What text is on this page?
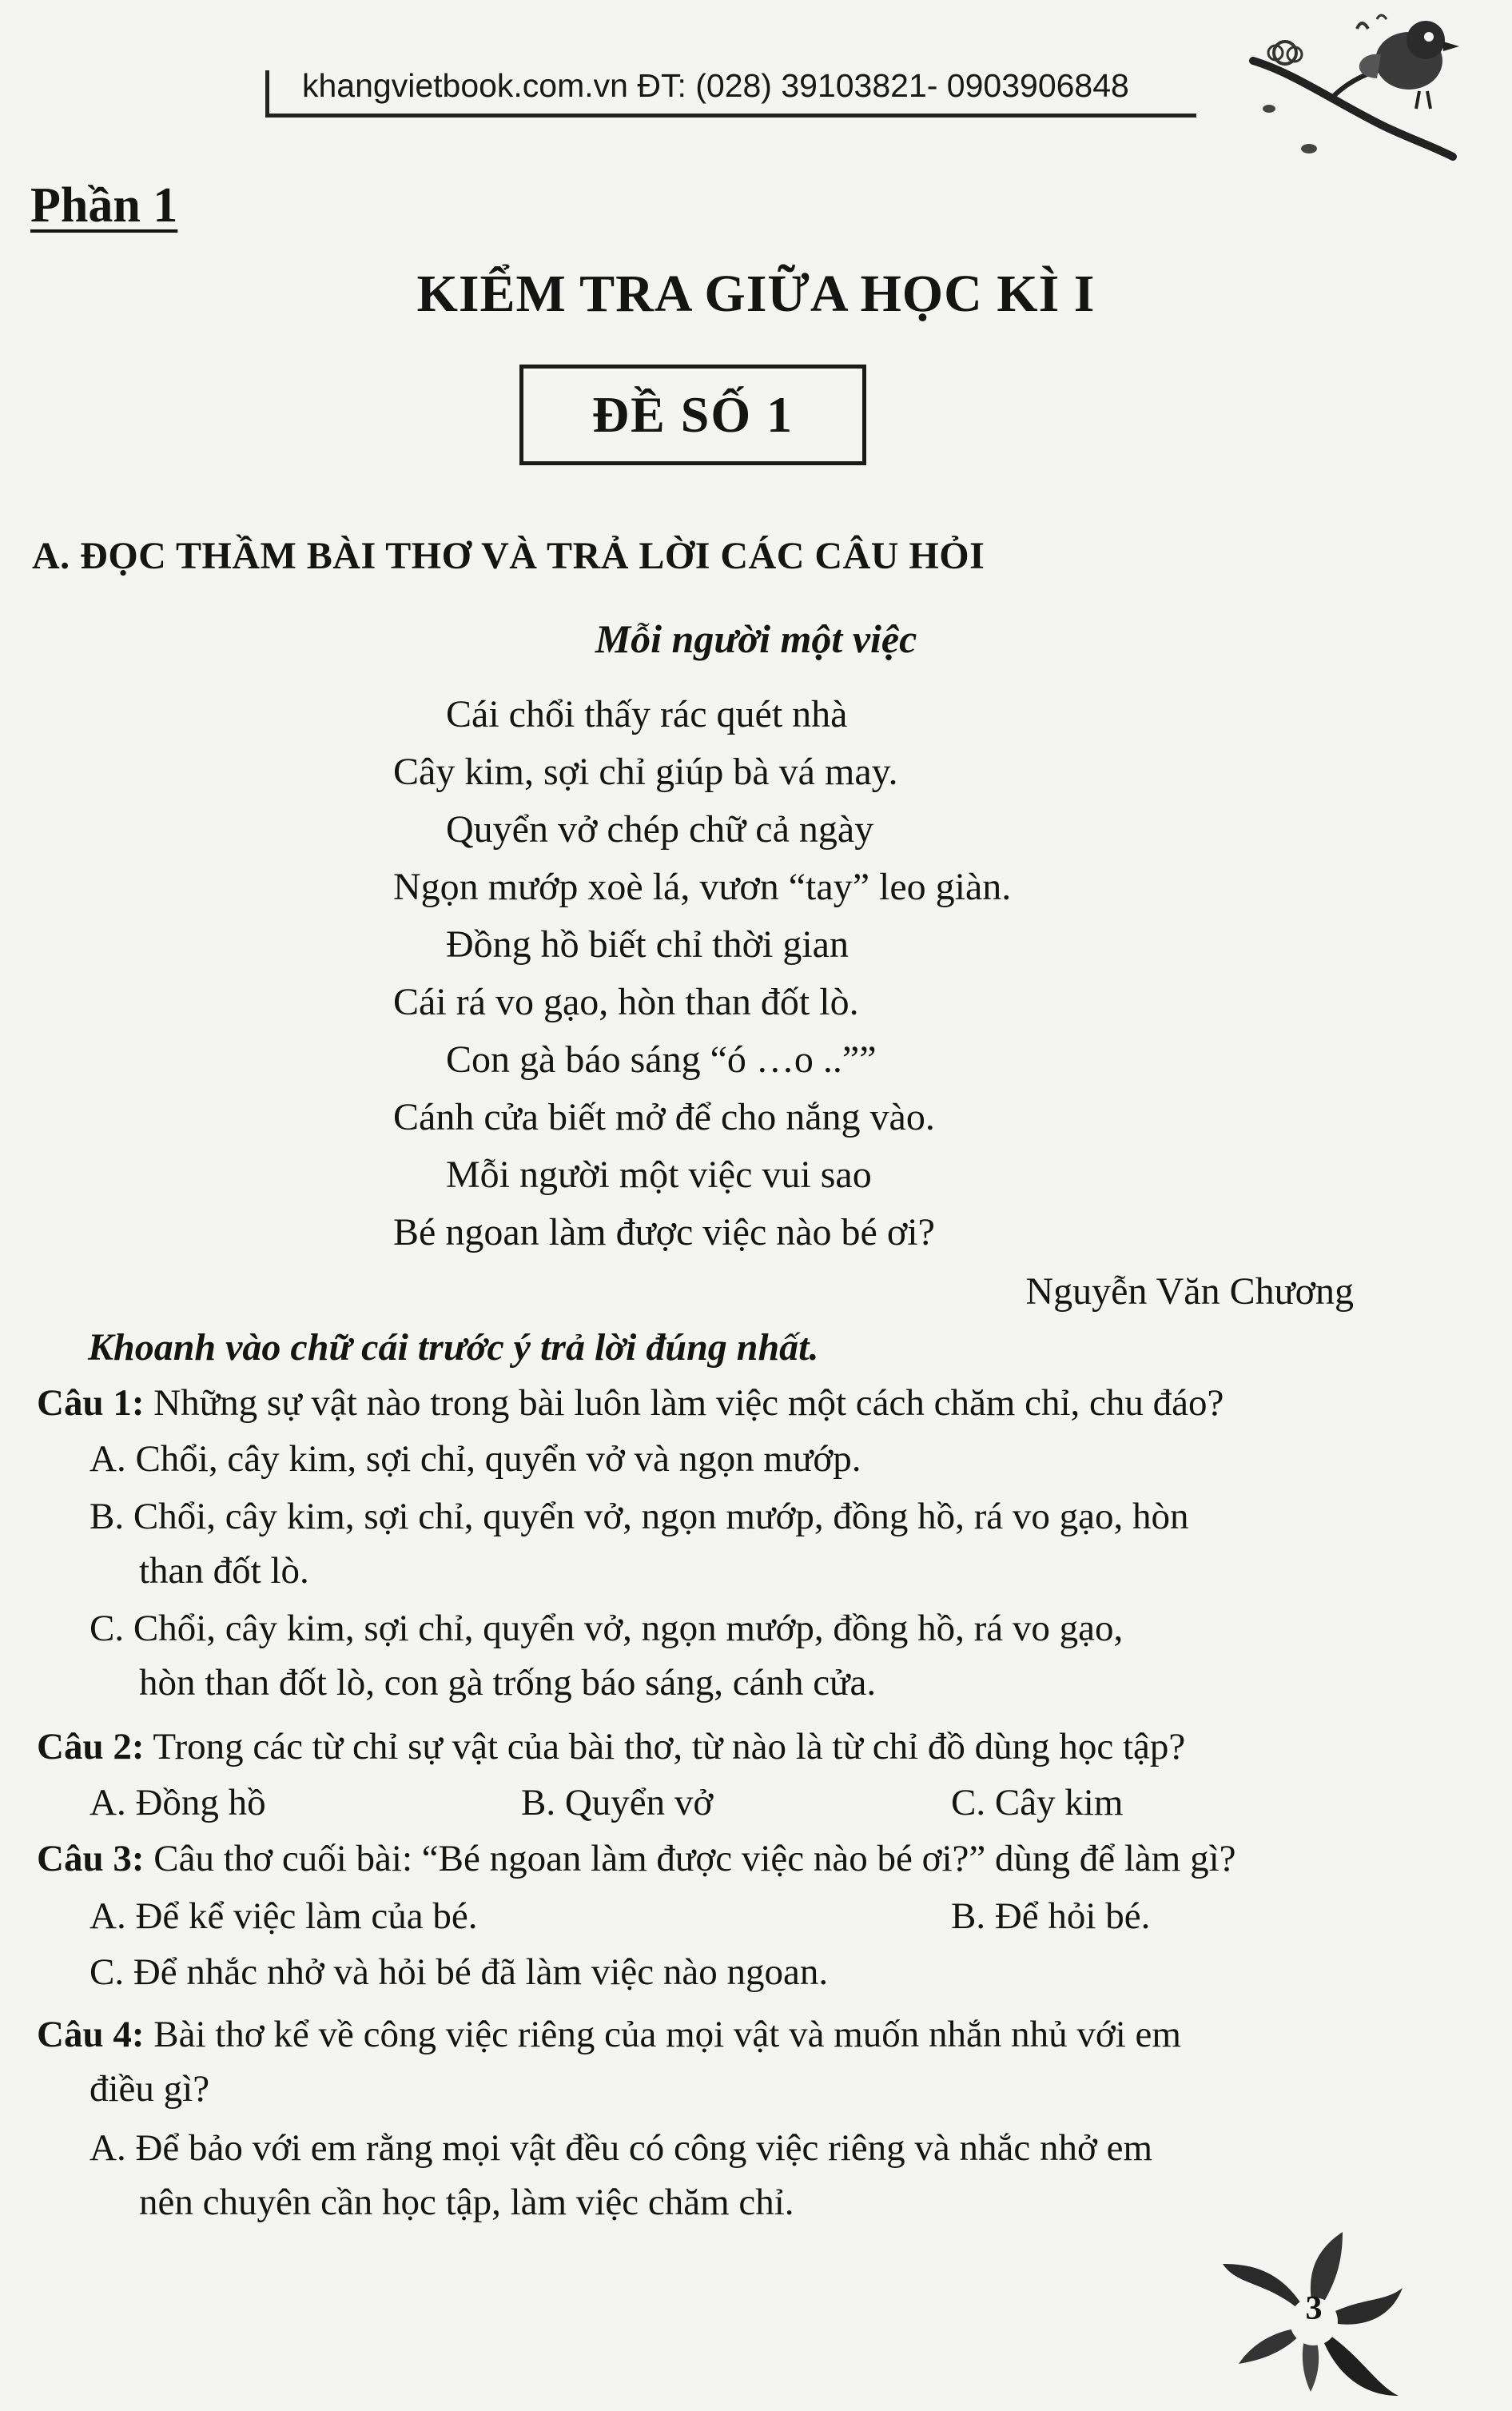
khangvietbook.com.vn ĐT: (028) 39103821- 0903906848
Phần 1
KIỂM TRA GIỮA HỌC KÌ I
ĐỀ SỐ 1
A. ĐỌC THẦM BÀI THƠ VÀ TRẢ LỜI CÁC CÂU HỎI
Mỗi người một việc
Cái chổi thấy rác quét nhà
Cây kim, sợi chỉ giúp bà vá may.
Quyển vở chép chữ cả ngày
Ngọn mướp xoè lá, vươn “tay” leo giàn.
Đồng hồ biết chỉ thời gian
Cái rá vo gạo, hòn than đốt lò.
Con gà báo sáng “ó …o ..””
Cánh cửa biết mở để cho nắng vào.
Mỗi người một việc vui sao
Bé ngoan làm được việc nào bé ơi?
Nguyễn Văn Chương
Khoanh vào chữ cái trước ý trả lời đúng nhất.
Câu 1: Những sự vật nào trong bài luôn làm việc một cách chăm chỉ, chu đáo?
A. Chổi, cây kim, sợi chỉ, quyển vở và ngọn mướp.
B. Chổi, cây kim, sợi chỉ, quyển vở, ngọn mướp, đồng hồ, rá vo gạo, hòn
than đốt lò.
C. Chổi, cây kim, sợi chỉ, quyển vở, ngọn mướp, đồng hồ, rá vo gạo,
hòn than đốt lò, con gà trống báo sáng, cánh cửa.
Câu 2: Trong các từ chỉ sự vật của bài thơ, từ nào là từ chỉ đồ dùng học tập?
A. Đồng hồ	B. Quyển vở	C. Cây kim
Câu 3: Câu thơ cuối bài: “Bé ngoan làm được việc nào bé ơi?” dùng để làm gì?
A. Để kể việc làm của bé.	B. Để hỏi bé.
C. Để nhắc nhở và hỏi bé đã làm việc nào ngoan.
Câu 4: Bài thơ kể về công việc riêng của mọi vật và muốn nhắn nhủ với em
điều gì?
A. Để bảo với em rằng mọi vật đều có công việc riêng và nhắc nhở em
nên chuyên cần học tập, làm việc chăm chỉ.
3
